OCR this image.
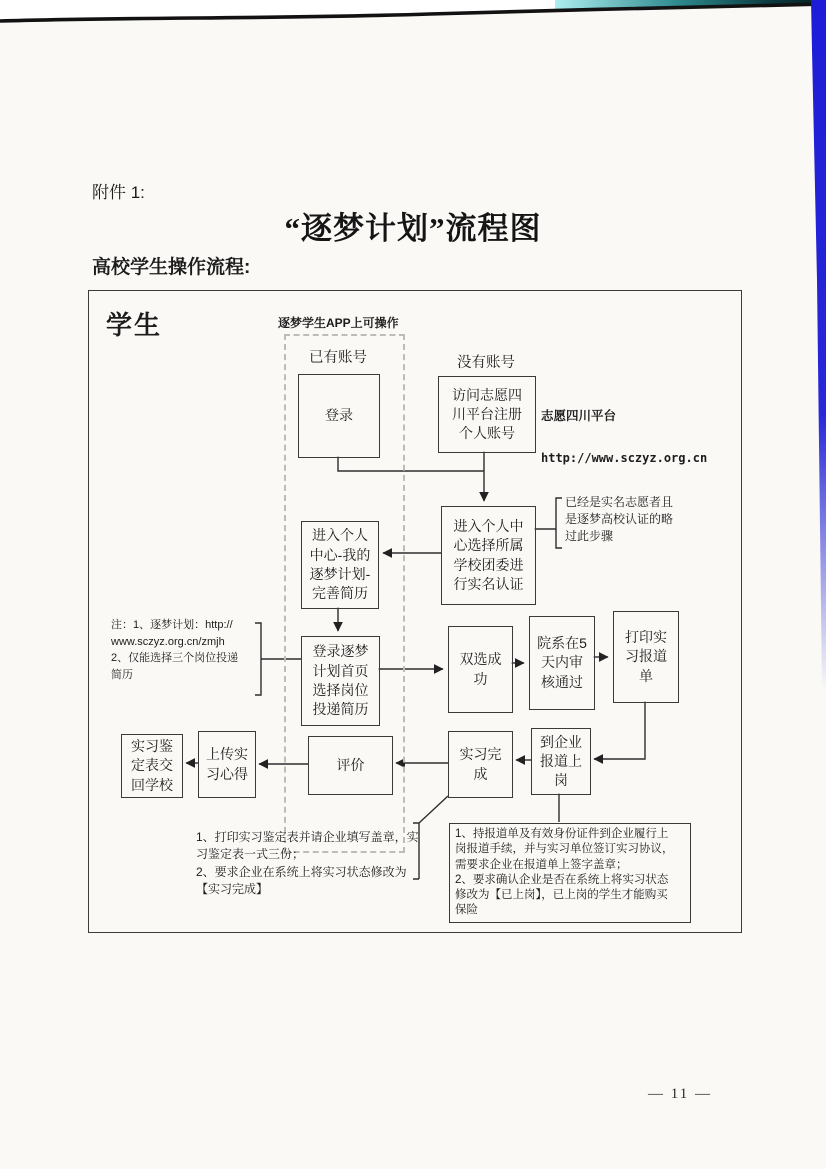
附件 1:
“逐梦计划”流程图
高校学生操作流程:
学生	逐梦学生APP上可操作
已有账号	没有账号
登录
访问志愿四
川平台注册
个人账号
进入个人中
心选择所属
学校团委进
行实名认证
进入个人
中心-我的
逐梦计划-
完善简历
登录逐梦
计划首页
选择岗位
投递简历
双选成
功
院系在5
天内审
核通过
打印实
习报道
单
到企业
报道上
岗
实习完
成
评价
上传实
习心得
实习鉴
定表交
回学校

志愿四川平台

http://www.sczyz.org.cn

已经是实名志愿者且
是逐梦高校认证的略
过此步骤
注：1、逐梦计划：http://
www.sczyz.org.cn/zmjh
2、仅能选择三个岗位投递
简历
1、打印实习鉴定表并请企业填写盖章，实
习鉴定表一式三份；
2、要求企业在系统上将实习状态修改为
【实习完成】
1、持报道单及有效身份证件到企业履行上
岗报道手续，并与实习单位签订实习协议，
需要求企业在报道单上签字盖章；
2、要求确认企业是否在系统上将实习状态
修改为【已上岗】，已上岗的学生才能购买
保险
— 11 —
